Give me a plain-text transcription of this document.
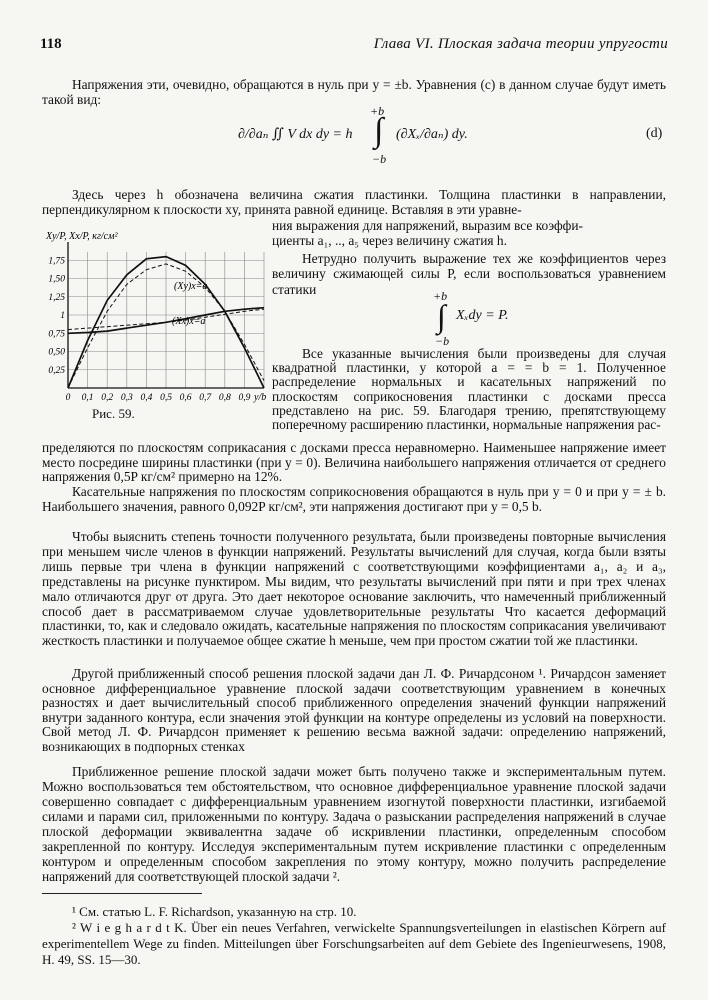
118	Глава VI. Плоская задача теории упругости

Напряжения эти, очевидно, обращаются в нуль при y = ±b. Уравнения (c) в данном случае будут иметь такой вид:

∂/∂aₙ ∬ V dx dy = h
+b
∫
−b
(∂Xₓ/∂aₙ) dy.	(d)

Здесь через h обозначена величина сжатия пластинки. Толщина пластинки в направлении, перпендикулярном к плоскости xy, принята равной единице. Вставляя в эти уравне-

ния выражения для напряжений, выразим все коэффи-

циенты a₁, .., a₅ через величину сжатия h.

Нетрудно получить выражение тех же коэффициентов через величину сжимающей силы P, если воспользоваться уравнением статики	+b
∫
−b
Xₓdy = P.

Все указанные вычисления были произведены для случая квадратной пластинки, у которой a = = b = 1. Полученное распределение нормальных и касательных напряжений по плоскостям соприкосновения пластинки с досками пресса представлено на рис. 59. Благодаря трению, препятствующему поперечному расширению пластинки, нормальные напряжения рас-

Xy/P, Xx/P, кг/см²
1,75
1,50
1,25
1
0,75
0,50
0,25
0 0,1 0,2 0,3 0,4 0,5 0,6 0,7 0,8 0,9
(Xy)x=a
(Xx)x=a
y/b
Рис. 59.

пределяются по плоскостям соприкасания с досками пресса неравномерно. Наименьшее напряжение имеет место посредине ширины пластинки (при y = 0). Величина наибольшего напряжения отличается от среднего напряжения 0,5P кг/см² примерно на 12%.

Касательные напряжения по плоскостям соприкосновения обращаются в нуль при y = 0 и при y = ± b. Наибольшего значения, равного 0,092P кг/см², эти напряжения достигают при y = 0,5 b.

Чтобы выяснить степень точности полученного результата, были произведены повторные вычисления при меньшем числе членов в функции напряжений. Результаты вычислений для случая, когда были взяты лишь первые три члена в функции напряжений с соответствующими коэффициентами a₁, a₂ и a₃, представлены на рисунке пунктиром. Мы видим, что результаты вычислений при пяти и при трех членах мало отличаются друг от друга. Это дает некоторое основание заключить, что намеченный приближенный способ дает в рассматриваемом случае удовлетворительные результаты Что касается деформаций пластинки, то, как и следовало ожидать, касательные напряжения по плоскостям соприкасания увеличивают жесткость пластинки и получаемое общее сжатие h меньше, чем при простом сжатии той же пластинки.

Другой приближенный способ решения плоской задачи дан Л. Ф. Ричардсоном ¹. Ричардсон заменяет основное дифференциальное уравнение плоской задачи соответствующим уравнением в конечных разностях и дает вычислительный способ приближенного определения значений функции напряжений внутри заданного контура, если значения этой функции на контуре определены из условий на поверхности. Свой метод Л. Ф. Ричардсон применяет к решению весьма важной задачи: определению напряжений, возникающих в подпорных стенках

Приближенное решение плоской задачи может быть получено также и экспериментальным путем. Можно воспользоваться тем обстоятельством, что основное дифференциальное уравнение плоской задачи совершенно совпадает с дифференциальным уравнением изогнутой поверхности пластинки, изгибаемой силами и парами сил, приложенными по контуру. Задача о разыскании распределения напряжений в случае плоской деформации эквивалентна задаче об искривлении пластинки, определенным способом закрепленной по контуру. Исследуя экспериментальным путем искривление пластинки с определенным контуром и определенным способом закрепления по этому контуру, можно получить распределение напряжений для соответствующей плоской задачи ².

¹ См. статью L. F. Richardson, указанную на стр. 10.

² W i e g h a r d t K. Über ein neues Verfahren, verwickelte Spannungsverteilungen in elastischen Körpern auf experimentellem Wege zu finden. Mitteilungen über Forschungsarbeiten auf dem Gebiete des Ingenieurwesens, 1908, H. 49, SS. 15—30.
